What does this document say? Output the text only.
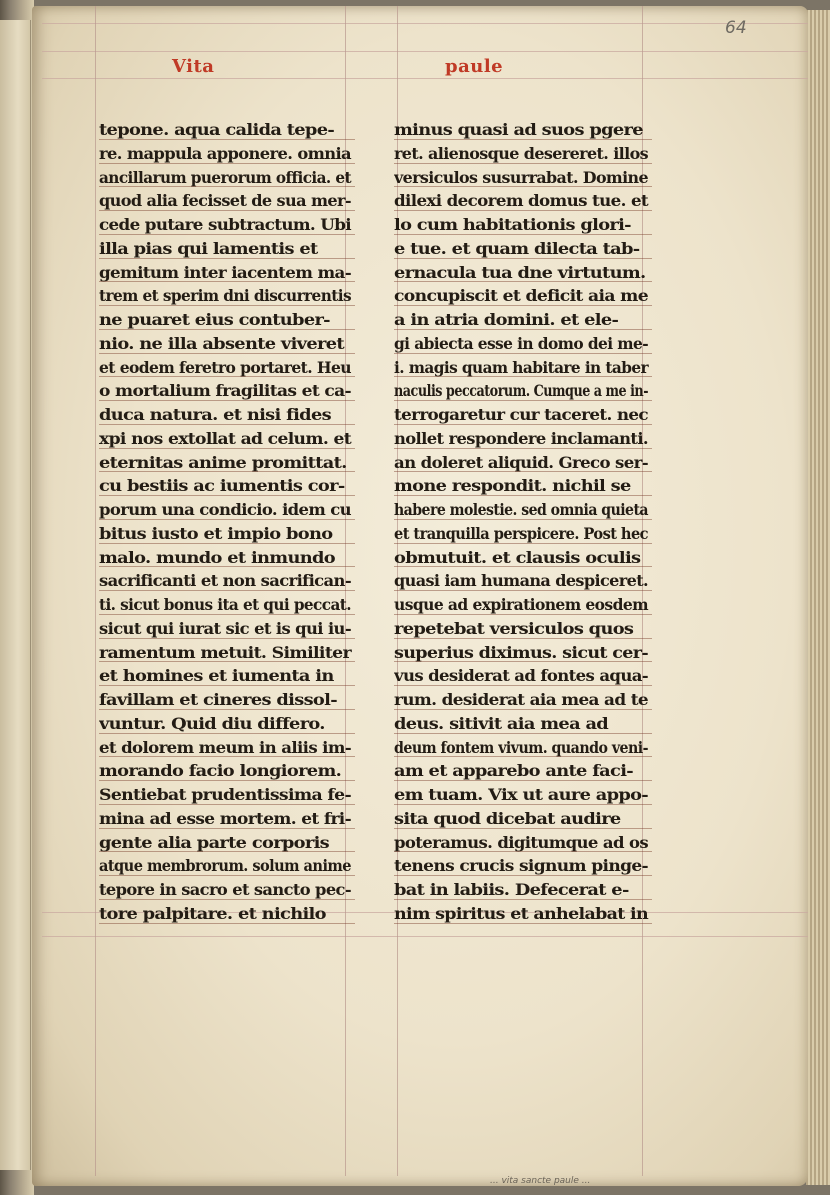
64
Vita	paule
tepone. aqua calida tepe-
re. mappula apponere. omnia
ancillarum puerorum officia. et
quod alia fecisset de sua mer-
cede putare subtractum. Ubi
illa pias qui lamentis et
gemitum inter iacentem ma-
trem et sperim dni discurrentis
ne puaret eius contuber-
nio. ne illa absente viveret
et eodem feretro portaret. Heu
o mortalium fragilitas et ca-
duca natura. et nisi fides
xpi nos extollat ad celum. et
eternitas anime promittat.
cu bestiis ac iumentis cor-
porum una condicio. idem cu
bitus iusto et impio bono
malo. mundo et inmundo
sacrificanti et non sacrifican-
ti. sicut bonus ita et qui peccat.
sicut qui iurat sic et is qui iu-
ramentum metuit. Similiter
et homines et iumenta in
favillam et cineres dissol-
vuntur. Quid diu differo.
et dolorem meum in aliis im-
morando facio longiorem.
Sentiebat prudentissima fe-
mina ad esse mortem. et fri-
gente alia parte corporis
atque membrorum. solum anime
tepore in sacro et sancto pec-
tore palpitare. et nichilo
minus quasi ad suos pgere
ret. alienosque desereret. illos
versiculos susurrabat. Domine
dilexi decorem domus tue. et
lo cum habitationis glori-
e tue. et quam dilecta tab-
ernacula tua dne virtutum.
concupiscit et deficit aia me
a in atria domini. et ele-
gi abiecta esse in domo dei me-
i. magis quam habitare in taber
naculis peccatorum. Cumque a me in-
terrogaretur cur taceret. nec
nollet respondere inclamanti.
an doleret aliquid. Greco ser-
mone respondit. nichil se
habere molestie. sed omnia quieta
et tranquilla perspicere. Post hec
obmutuit. et clausis oculis
quasi iam humana despiceret.
usque ad expirationem eosdem
repetebat versiculos quos
superius diximus. sicut cer-
vus desiderat ad fontes aqua-
rum. desiderat aia mea ad te
deus. sitivit aia mea ad
deum fontem vivum. quando veni-
am et apparebo ante faci-
em tuam. Vix ut aure appo-
sita quod dicebat audire
poteramus. digitumque ad os
tenens crucis signum pinge-
bat in labiis. Defecerat e-
nim spiritus et anhelabat in
... vita sancte paule ...
